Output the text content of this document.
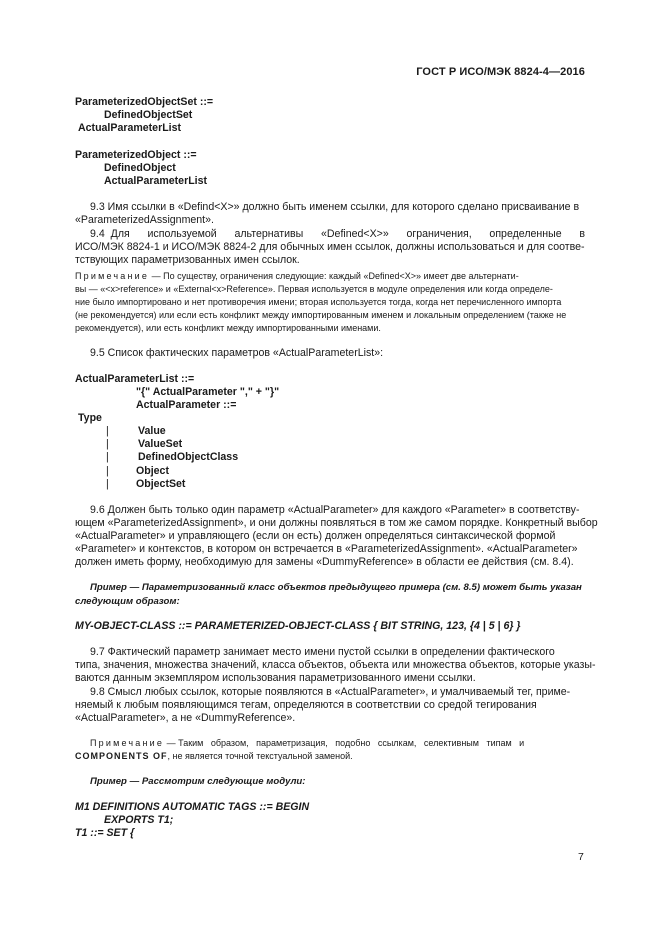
ГОСТ Р ИСО/МЭК 8824-4—2016
ParameterizedObjectSet ::=
DefinedObjectSet
ActualParameterList
ParameterizedObject ::=
DefinedObject
ActualParameterList
9.3 Имя ссылки в «Defind<X>» должно быть именем ссылки, для которого сделано присваивание в
«ParameterizedAssignment».
9.4  Для      используемой      альтернативы      «Defined<X>»      ограничения,      определенные      в
ИСО/МЭК 8824-1 и ИСО/МЭК 8824-2 для обычных имен ссылок, должны использоваться и для соотве-
тствующих параметризованных имен ссылок.
Примечание — По существу, ограничения следующие: каждый «Defined<X>» имеет две альтернати-
вы — «<x>reference» и «External<x>Reference». Первая используется в модуле определения или когда определе-
ние было импортировано и нет противоречия имени; вторая используется тогда, когда нет перечисленного импорта
(не рекомендуется) или если есть конфликт между импортированным именем и локальным определением (также не
рекомендуется), или есть конфликт между импортированными именами.
9.5 Список фактических параметров «ActualParameterList»:
ActualParameterList ::=
"{" ActualParameter "," + "}"
ActualParameter ::=
Type
|	Value
|	ValueSet
|	DefinedObjectClass
|	Object
|	ObjectSet
9.6 Должен быть только один параметр «ActualParameter» для каждого «Parameter» в соответству-
ющем «ParameterizedAssignment», и они должны появляться в том же самом порядке. Конкретный выбор
«ActualParameter» и управляющего (если он есть) должен определяться синтаксической формой
«Parameter» и контекстов, в котором он встречается в «ParameterizedAssignment». «ActualParameter»
должен иметь форму, необходимую для замены «DummyReference» в области ее действия (см. 8.4).
Пример — Параметризованный класс объектов предыдущего примера (см. 8.5) может быть указан
следующим образом:
MY-OBJECT-CLASS ::= PARAMETERIZED-OBJECT-CLASS { BIT STRING, 123, {4 | 5 | 6} }
9.7 Фактический параметр занимает место имени пустой ссылки в определении фактического
типа, значения, множества значений, класса объектов, объекта или множества объектов, которые указы-
ваются данным экземпляром использования параметризованного имени ссылки.
9.8 Смысл любых ссылок, которые появляются в «ActualParameter», и умалчиваемый тег, приме-
няемый к любым появляющимся тегам, определяются в соответствии со средой тегирования
«ActualParameter», а не «DummyReference».
Примечание — Таким   образом,   параметризация,   подобно   ссылкам,   селективным   типам   и
COMPONENTS OF, не является точной текстуальной заменой.
Пример — Рассмотрим следующие модули:
M1 DEFINITIONS AUTOMATIC TAGS ::= BEGIN
EXPORTS T1;
T1 ::= SET {
7
